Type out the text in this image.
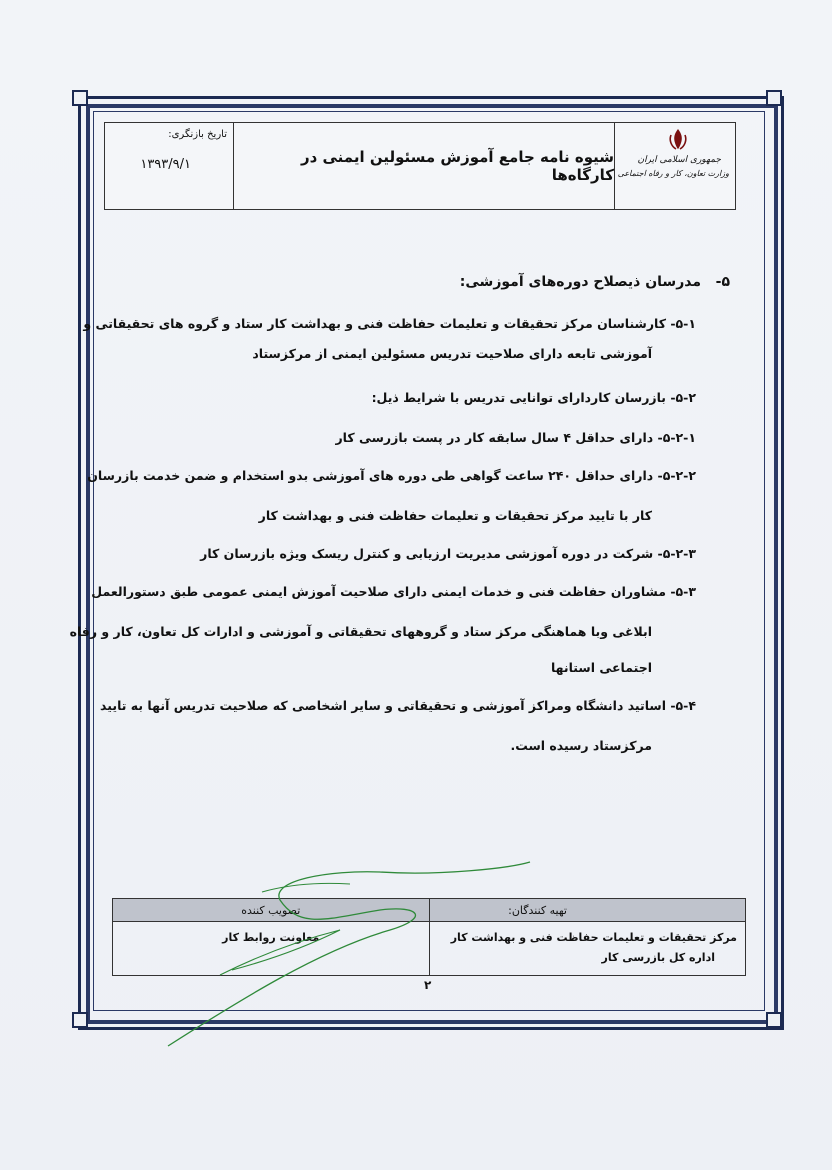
تاریخ بازنگری:
۱۳۹۳/۹/۱	شیوه نامه جامع آموزش مسئولین ایمنی در کارگاه‌ها
جمهوری اسلامی ایران
وزارت تعاون، کار و رفاه اجتماعی
۵-   مدرسان ذیصلاح دوره‌های آموزشی:
۵-۱- کارشناسان مرکز تحقیقات و تعلیمات حفاظت فنی و بهداشت کار ستاد و گروه های تحقیقاتی و
آموزشی تابعه دارای صلاحیت تدریس مسئولین ایمنی از مرکزستاد
۵-۲- بازرسان کاردارای توانایی تدریس با شرایط ذیل:
۵-۲-۱- دارای حداقل ۴ سال سابقه کار در پست بازرسی کار
۵-۲-۲- دارای حداقل ۲۴۰ ساعت گواهی طی دوره های آموزشی بدو استخدام و ضمن خدمت بازرسان
کار با تایید مرکز تحقیقات و تعلیمات حفاظت فنی و بهداشت کار
۵-۲-۳- شرکت در دوره آموزشی مدیریت ارزیابی و کنترل ریسک ویژه بازرسان کار
۵-۳- مشاوران حفاظت فنی و خدمات ایمنی دارای صلاحیت آموزش ایمنی عمومی طبق دستورالعمل
ابلاغی وبا هماهنگی مرکز ستاد و گروههای تحقیقاتی و آموزشی و ادارات کل تعاون، کار و رفاه
اجتماعی استانها
۵-۴- اساتید دانشگاه ومراکز آموزشی و تحقیقاتی و سایر اشخاصی که صلاحیت تدریس آنها به تایید
مرکزستاد رسیده است.
تهیه کنندگان:
مرکز تحقیقات و تعلیمات حفاظت فنی و بهداشت کار
اداره کل بازرسی کار
تصویب کننده
معاونت روابط کار
۲
